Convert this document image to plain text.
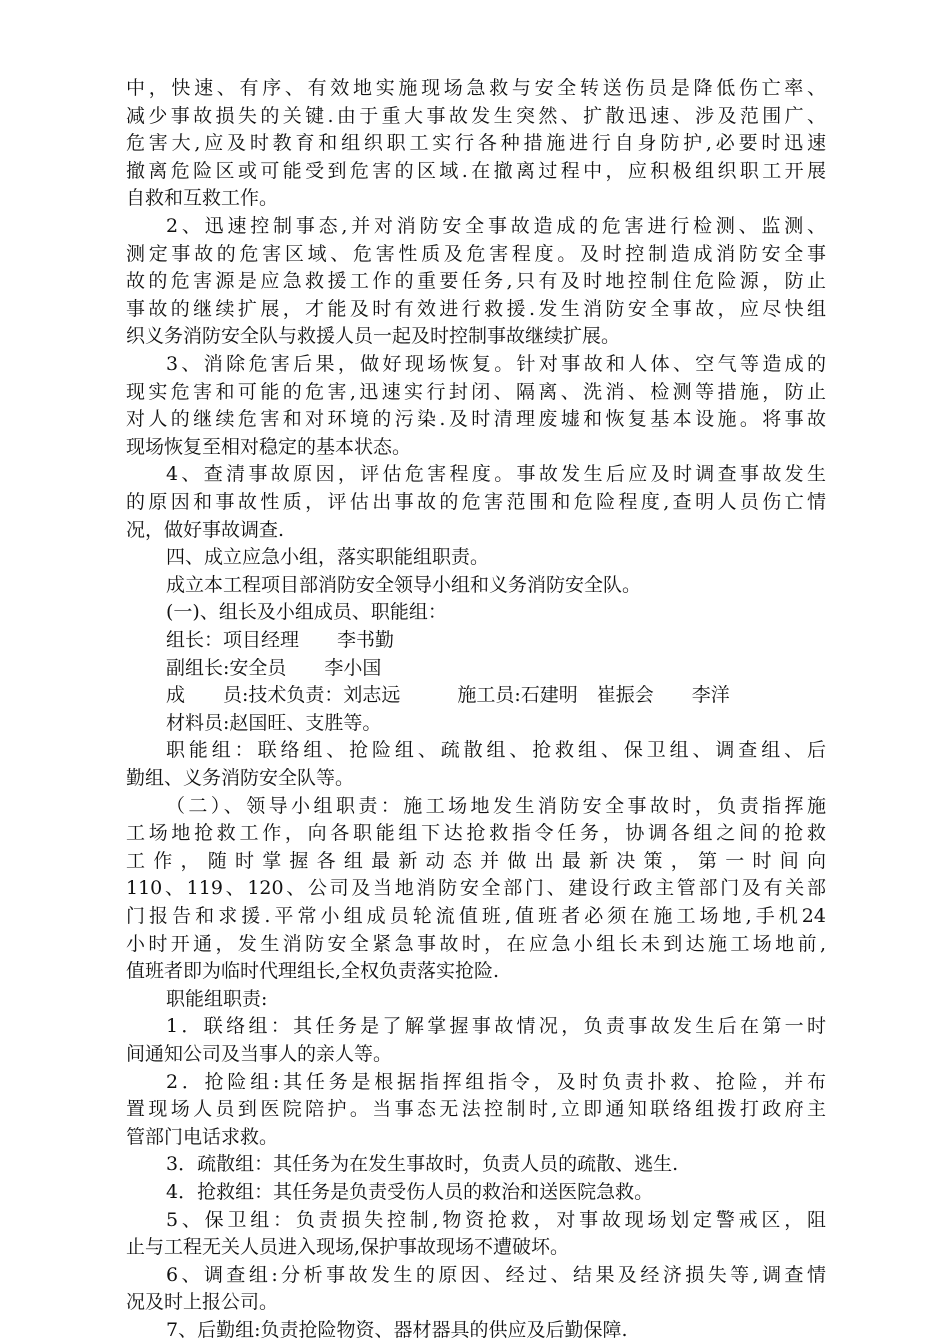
中，快速、有序、有效地实施现场急救与安全转送伤员是降低伤亡率、
减少事故损失的关键.由于重大事故发生突然、扩散迅速、涉及范围广、
危害大,应及时教育和组织职工实行各种措施进行自身防护,必要时迅速
撤离危险区或可能受到危害的区域.在撤离过程中，应积极组织职工开展
自救和互救工作。
2、迅速控制事态,并对消防安全事故造成的危害进行检测、监测、
测定事故的危害区域、危害性质及危害程度。及时控制造成消防安全事
故的危害源是应急救援工作的重要任务,只有及时地控制住危险源，防止
事故的继续扩展，才能及时有效进行救援.发生消防安全事故，应尽快组
织义务消防安全队与救援人员一起及时控制事故继续扩展。
3、消除危害后果，做好现场恢复。针对事故和人体、空气等造成的
现实危害和可能的危害,迅速实行封闭、隔离、洗消、检测等措施，防止
对人的继续危害和对环境的污染.及时清理废墟和恢复基本设施。将事故
现场恢复至相对稳定的基本状态。
4、查清事故原因，评估危害程度。事故发生后应及时调查事故发生
的原因和事故性质，评估出事故的危害范围和危险程度,查明人员伤亡情
况，做好事故调查.
四、成立应急小组，落实职能组职责。
成立本工程项目部消防安全领导小组和义务消防安全队。
(一)、组长及小组成员、职能组：
组长：项目经理　　李书勤
副组长:安全员　　李小国
成　　员:技术负责：刘志远　　　施工员:石建明　崔振会　　李洋
材料员:赵国旺、支胜等。
职能组：联络组、抢险组、疏散组、抢救组、保卫组、调查组、后
勤组、义务消防安全队等。
（二）、领导小组职责：施工场地发生消防安全事故时，负责指挥施
工场地抢救工作，向各职能组下达抢救指令任务，协调各组之间的抢救
工作，随时掌握各组最新动态并做出最新决策，第一时间向
110、119、120、公司及当地消防安全部门、建设行政主管部门及有关部
门报告和求援.平常小组成员轮流值班,值班者必须在施工场地,手机24
小时开通，发生消防安全紧急事故时，在应急小组长未到达施工场地前,
值班者即为临时代理组长,全权负责落实抢险.
职能组职责:
1．联络组：其任务是了解掌握事故情况，负责事故发生后在第一时
间通知公司及当事人的亲人等。
2．抢险组:其任务是根据指挥组指令，及时负责扑救、抢险，并布
置现场人员到医院陪护。当事态无法控制时,立即通知联络组拨打政府主
管部门电话求救。
3．疏散组：其任务为在发生事故时，负责人员的疏散、逃生.
4．抢救组：其任务是负责受伤人员的救治和送医院急救。
5、保卫组：负责损失控制,物资抢救，对事故现场划定警戒区，阻
止与工程无关人员进入现场,保护事故现场不遭破坏。
6、调查组:分析事故发生的原因、经过、结果及经济损失等,调查情
况及时上报公司。
7、后勤组:负责抢险物资、器材器具的供应及后勤保障.
